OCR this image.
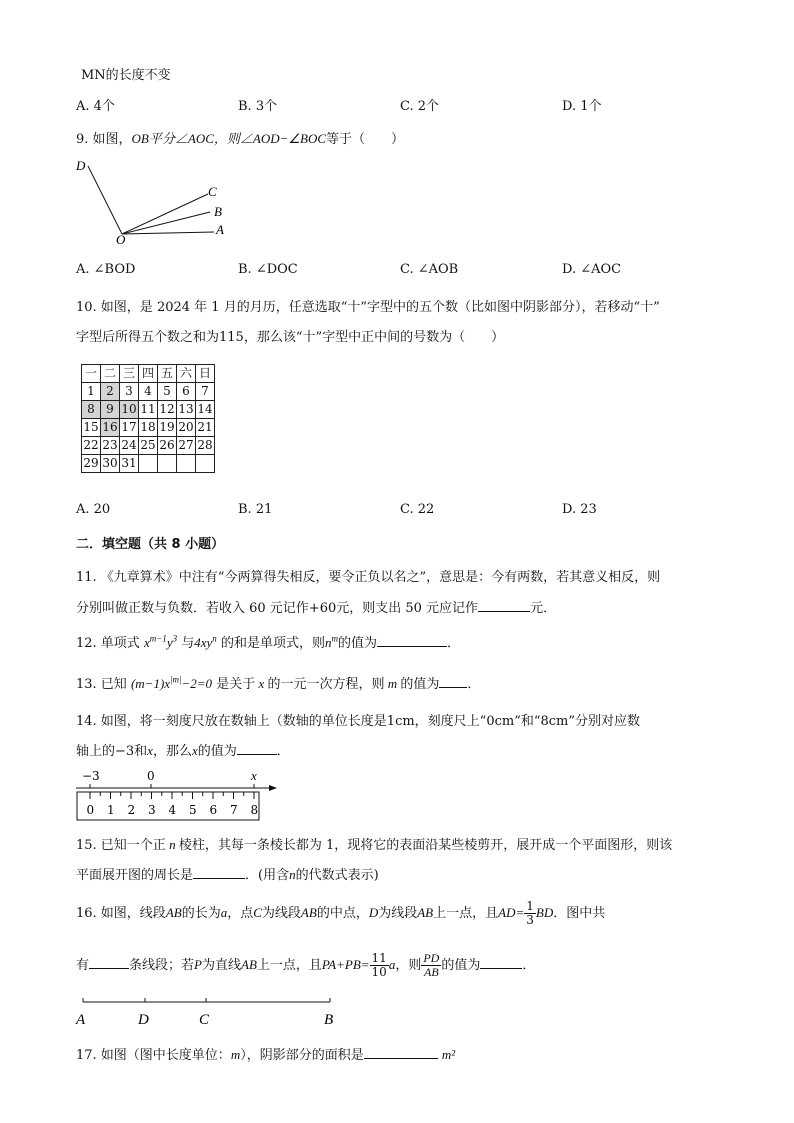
MN的长度不变
A. 4个	B. 3个	C. 2个	D. 1个
9. 如图，OB平分∠AOC，则∠AOD−∠BOC等于（　　）
D
C
B
O
A
A. ∠BOD	B. ∠DOC	C. ∠AOB	D. ∠AOC
10. 如图，是 2024 年 1 月的月历，任意选取“十”字型中的五个数（比如图中阴影部分），若移动“十”
字型后所得五个数之和为115，那么该“十”字型中正中间的号数为（　　）
一	二	三	四	五	六	日
1	2	3	4	5	6	7
8	9	10	11	12	13	14
15	16	17	18	19	20	21
22	23	24	25	26	27	28
29	30	31				
A. 20	B. 21	C. 22	D. 23
二．填空题（共 8 小题）
11. 《九章算术》中注有“今两算得失相反，要令正负以名之”，意思是：今有两数，若其意义相反，则
分别叫做正数与负数．若收入 60 元记作+60元，则支出 50 元应记作	元．
12. 单项式 $x^{m-1}y^3$ 与$4xy^n$ 的和是单项式，则$n^m$的值为	．
13. 已知 $(m-1)x^{|m|}-2=0$ 是关于 x 的一元一次方程，则 m 的值为 ．
14. 如图，将一刻度尺放在数轴上（数轴的单位长度是1cm，刻度尺上“0cm”和“8cm”分别对应数
轴上的−3和x，那么x的值为	．
−3	0	x
0 1 2 3 4 5 6 7 8
15. 已知一个正 n 棱柱，其每一条棱长都为 1，现将它的表面沿某些棱剪开，展开成一个平面图形，则该
平面展开图的周长是	．(用含n的代数式表示)
16. 如图，线段AB的长为a，点C为线段AB的中点，D为线段AB上一点，且$AD= \frac{1}{3}$ BD．图中共
有	条线段；若P为直线AB上一点，且$PA+PB= \frac{11}{10}$ a，则 $\frac{PD}{AB}$ 的值为	．
A	D	C	B
17. 如图（图中长度单位：m），阴影部分的面积是	m²
